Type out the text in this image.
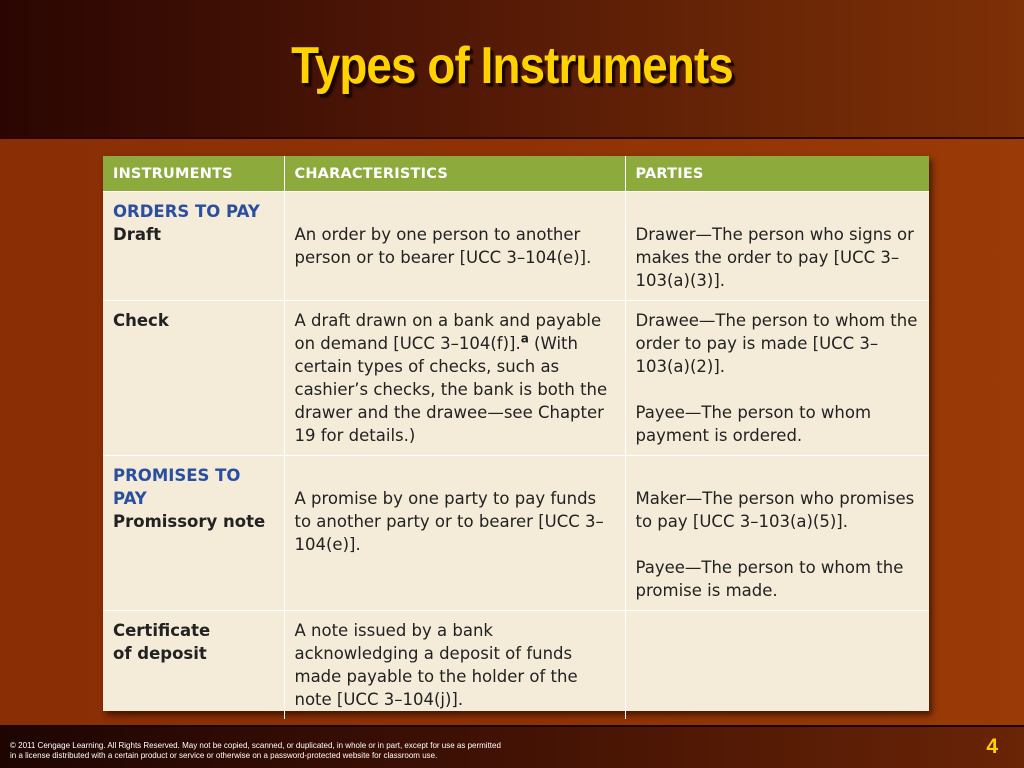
Types of Instruments
INSTRUMENTS	CHARACTERISTICS	PARTIES

ORDERS TO PAY
Draft	An order by one person to another person or to bearer [UCC 3–104(e)].	Drawer—The person who signs or makes the order to pay [UCC 3–103(a)(3)].

Check	A draft drawn on a bank and payable on demand [UCC 3–104(f)].$^a$ (With certain types of checks, such as cashier’s checks, the bank is both the drawer and the drawee—see Chapter 19 for details.)	Drawee—The person to whom the order to pay is made [UCC 3–103(a)(2)].
Payee—The person to whom payment is ordered.

PROMISES TO PAY
Promissory note	A promise by one party to pay funds to another party or to bearer [UCC 3–104(e)].	Maker—The person who promises to pay [UCC 3–103(a)(5)].
Payee—The person to whom the promise is made.

Certificate of deposit	A note issued by a bank acknowledging a deposit of funds made payable to the holder of the note [UCC 3–104(j)].	

© 2011 Cengage Learning. All Rights Reserved. May not be copied, scanned, or duplicated, in whole or in part, except for use as permitted
in a license distributed with a certain product or service or otherwise on a password-protected website for classroom use.	4
